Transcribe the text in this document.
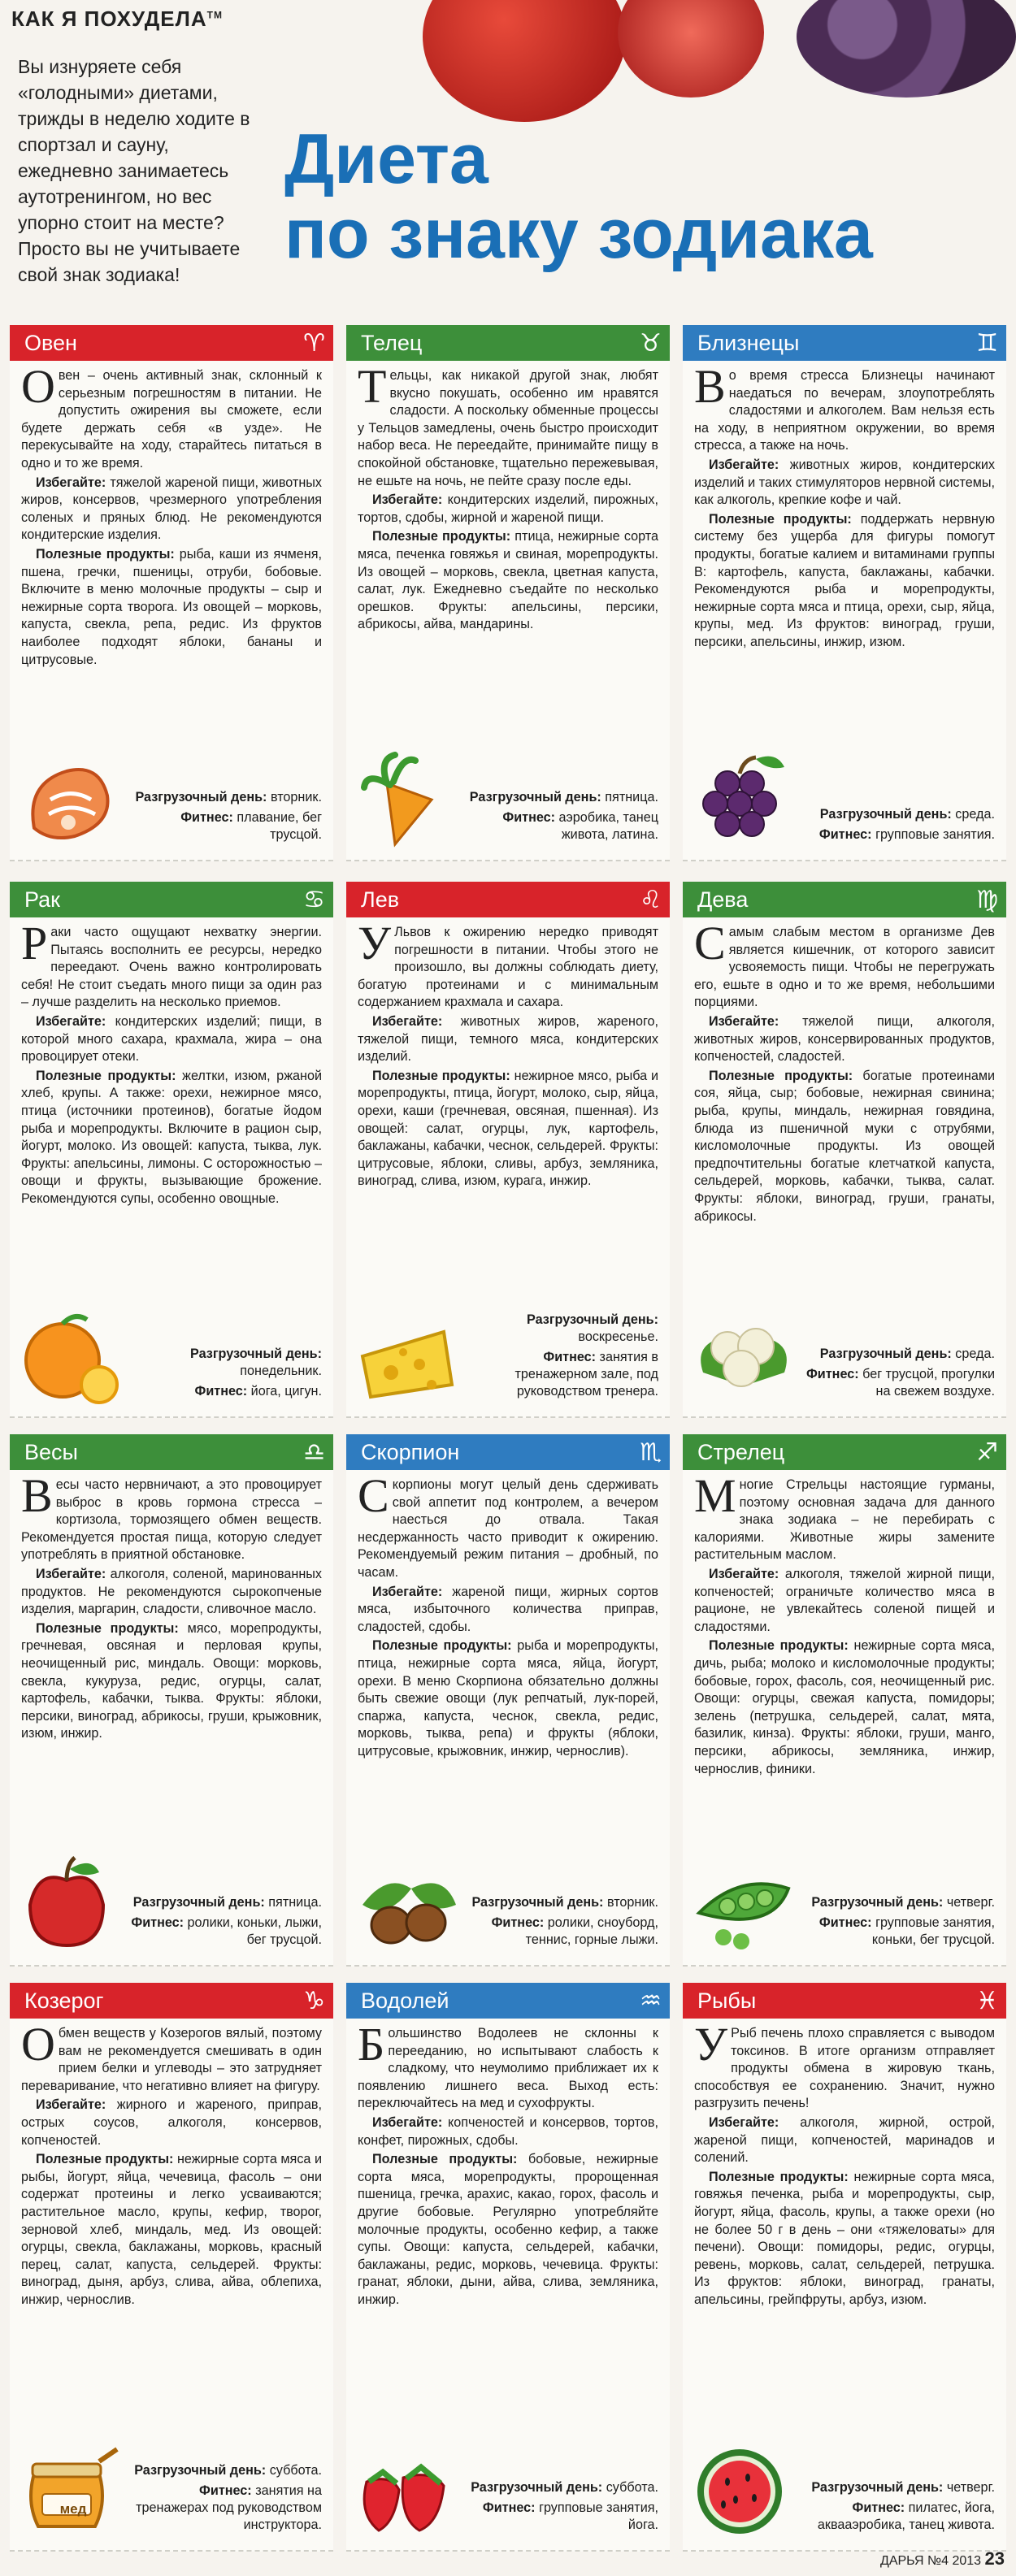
КАК Я ПОХУДЕЛА™
Вы изнуряете себя «голодными» диетами, трижды в неделю ходите в спортзал и сауну, ежедневно занимаетесь аутотренингом, но вес упорно стоит на месте? Просто вы не учитываете свой знак зодиака!
Диета
по знаку зодиака
Овен	♈

Овен – очень активный знак, склонный к серьезным погрешностям в питании. Не допустить ожирения вы сможете, если будете держать себя «в узде». Не перекусывайте на ходу, старайтесь питаться в одно и то же время.

Избегайте: тяжелой жареной пищи, животных жиров, консервов, чрезмерного употребления соленых и пряных блюд. Не рекомендуются кондитерские изделия.

Полезные продукты: рыба, каши из ячменя, пшена, гречки, пшеницы, отруби, бобовые. Включите в меню молочные продукты – сыр и нежирные сорта творога. Из овощей – морковь, капуста, свекла, репа, редис. Из фруктов наиболее подходят яблоки, бананы и цитрусовые.

Разгрузочный день: вторник.
Фитнес: плавание, бег трусцой.
Телец	♉

Тельцы, как никакой другой знак, любят вкусно покушать, особенно им нравятся сладости. А поскольку обменные процессы у Тельцов замедлены, очень быстро происходит набор веса. Не переедайте, принимайте пищу в спокойной обстановке, тщательно пережевывая, не ешьте на ночь, не пейте сразу после еды.

Избегайте: кондитерских изделий, пирожных, тортов, сдобы, жирной и жареной пищи.

Полезные продукты: птица, нежирные сорта мяса, печенка говяжья и свиная, морепродукты. Из овощей – морковь, свекла, цветная капуста, салат, лук. Ежедневно съедайте по несколько орешков. Фрукты: апельсины, персики, абрикосы, айва, мандарины.

Разгрузочный день: пятница.
Фитнес: аэробика, танец живота, латина.
Близнецы	♊

Во время стресса Близнецы начинают наедаться по вечерам, злоупотреблять сладостями и алкоголем. Вам нельзя есть на ходу, в неприятном окружении, во время стресса, а также на ночь.

Избегайте: животных жиров, кондитерских изделий и таких стимуляторов нервной системы, как алкоголь, крепкие кофе и чай.

Полезные продукты: поддержать нервную систему без ущерба для фигуры помогут продукты, богатые калием и витаминами группы В: картофель, капуста, баклажаны, кабачки. Рекомендуются рыба и морепродукты, нежирные сорта мяса и птица, орехи, сыр, яйца, крупы, мед. Из фруктов: виноград, груши, персики, апельсины, инжир, изюм.

Разгрузочный день: среда.
Фитнес: групповые занятия.
Рак	♋

Раки часто ощущают нехватку энергии. Пытаясь восполнить ее ресурсы, нередко переедают. Очень важно контролировать себя! Не стоит съедать много пищи за один раз – лучше разделить на несколько приемов.

Избегайте: кондитерских изделий; пищи, в которой много сахара, крахмала, жира – она провоцирует отеки.

Полезные продукты: желтки, изюм, ржаной хлеб, крупы. А также: орехи, нежирное мясо, птица (источники протеинов), богатые йодом рыба и морепродукты. Включите в рацион сыр, йогурт, молоко. Из овощей: капуста, тыква, лук. Фрукты: апельсины, лимоны. С осторожностью – овощи и фрукты, вызывающие брожение. Рекомендуются супы, особенно овощные.

Разгрузочный день: понедельник.
Фитнес: йога, цигун.
Лев	♌

У Львов к ожирению нередко приводят погрешности в питании. Чтобы этого не произошло, вы должны соблюдать диету, богатую протеинами и с минимальным содержанием крахмала и сахара.

Избегайте: животных жиров, жареного, тяжелой пищи, темного мяса, кондитерских изделий.

Полезные продукты: нежирное мясо, рыба и морепродукты, птица, йогурт, молоко, сыр, яйца, орехи, каши (гречневая, овсяная, пшенная). Из овощей: салат, огурцы, лук, картофель, баклажаны, кабачки, чеснок, сельдерей. Фрукты: цитрусовые, яблоки, сливы, арбуз, земляника, виноград, слива, изюм, курага, инжир.

Разгрузочный день: воскресенье.
Фитнес: занятия в тренажерном зале, под руководством тренера.
Дева	♍

Самым слабым местом в организме Дев является кишечник, от которого зависит усвояемость пищи. Чтобы не перегружать его, ешьте в одно и то же время, небольшими порциями.

Избегайте: тяжелой пищи, алкоголя, животных жиров, консервированных продуктов, копченостей, сладостей.

Полезные продукты: богатые протеинами соя, яйца, сыр; бобовые, нежирная свинина; рыба, крупы, миндаль, нежирная говядина, блюда из пшеничной муки с отрубями, кисломолочные продукты. Из овощей предпочтительны богатые клетчаткой капуста, сельдерей, морковь, кабачки, тыква, салат. Фрукты: яблоки, виноград, груши, гранаты, абрикосы.

Разгрузочный день: среда.
Фитнес: бег трусцой, прогулки на свежем воздухе.
Весы	♎

Весы часто нервничают, а это провоцирует выброс в кровь гормона стресса – кортизола, тормозящего обмен веществ. Рекомендуется простая пища, которую следует употреблять в приятной обстановке.

Избегайте: алкоголя, соленой, маринованных продуктов. Не рекомендуются сырокопченые изделия, маргарин, сладости, сливочное масло.

Полезные продукты: мясо, морепродукты, гречневая, овсяная и перловая крупы, неочищенный рис, миндаль. Овощи: морковь, свекла, кукуруза, редис, огурцы, салат, картофель, кабачки, тыква. Фрукты: яблоки, персики, виноград, абрикосы, груши, крыжовник, изюм, инжир.

Разгрузочный день: пятница.
Фитнес: ролики, коньки, лыжи, бег трусцой.
Скорпион	♏

Скорпионы могут целый день сдерживать свой аппетит под контролем, а вечером наесться до отвала. Такая несдержанность часто приводит к ожирению. Рекомендуемый режим питания – дробный, по часам.

Избегайте: жареной пищи, жирных сортов мяса, избыточного количества приправ, сладостей, сдобы.

Полезные продукты: рыба и морепродукты, птица, нежирные сорта мяса, яйца, йогурт, орехи. В меню Скорпиона обязательно должны быть свежие овощи (лук репчатый, лук-порей, спаржа, капуста, чеснок, свекла, редис, морковь, тыква, репа) и фрукты (яблоки, цитрусовые, крыжовник, инжир, чернослив).

Разгрузочный день: вторник.
Фитнес: ролики, сноуборд, теннис, горные лыжи.
Стрелец	♐

Многие Стрельцы настоящие гурманы, поэтому основная задача для данного знака зодиака – не перебирать с калориями. Животные жиры замените растительным маслом.

Избегайте: алкоголя, тяжелой жирной пищи, копченостей; ограничьте количество мяса в рационе, не увлекайтесь соленой пищей и сладостями.

Полезные продукты: нежирные сорта мяса, дичь, рыба; молоко и кисломолочные продукты; бобовые, горох, фасоль, соя, неочищенный рис. Овощи: огурцы, свежая капуста, помидоры; зелень (петрушка, сельдерей, салат, мята, базилик, кинза). Фрукты: яблоки, груши, манго, персики, абрикосы, земляника, инжир, чернослив, финики.

Разгрузочный день: четверг.
Фитнес: групповые занятия, коньки, бег трусцой.
Козерог	♑

Обмен веществ у Козерогов вялый, поэтому вам не рекомендуется смешивать в один прием белки и углеводы – это затрудняет переваривание, что негативно влияет на фигуру.

Избегайте: жирного и жареного, приправ, острых соусов, алкоголя, консервов, копченостей.

Полезные продукты: нежирные сорта мяса и рыбы, йогурт, яйца, чечевица, фасоль – они содержат протеины и легко усваиваются; растительное масло, крупы, кефир, творог, зерновой хлеб, миндаль, мед. Из овощей: огурцы, свекла, баклажаны, морковь, красный перец, салат, капуста, сельдерей. Фрукты: виноград, дыня, арбуз, слива, айва, облепиха, инжир, чернослив.

Разгрузочный день: суббота.
Фитнес: занятия на тренажерах под руководством инструктора.
мед
Водолей	♒

Большинство Водолеев не склонны к перееданию, но испытывают слабость к сладкому, что неумолимо приближает их к появлению лишнего веса. Выход есть: переключайтесь на мед и сухофрукты.

Избегайте: копченостей и консервов, тортов, конфет, пирожных, сдобы.

Полезные продукты: бобовые, нежирные сорта мяса, морепродукты, пророщенная пшеница, гречка, арахис, какао, горох, фасоль и другие бобовые. Регулярно употребляйте молочные продукты, особенно кефир, а также супы. Овощи: капуста, сельдерей, кабачки, баклажаны, редис, морковь, чечевица. Фрукты: гранат, яблоки, дыни, айва, слива, земляника, инжир.

Разгрузочный день: суббота.
Фитнес: групповые занятия, йога.
Рыбы	♓

У Рыб печень плохо справляется с выводом токсинов. В итоге организм отправляет продукты обмена в жировую ткань, способствуя ее сохранению. Значит, нужно разгрузить печень!

Избегайте: алкоголя, жирной, острой, жареной пищи, копченостей, маринадов и солений.

Полезные продукты: нежирные сорта мяса, говяжья печенка, рыба и морепродукты, сыр, йогурт, яйца, фасоль, крупы, а также орехи (но не более 50 г в день – они «тяжеловаты» для печени). Овощи: помидоры, редис, огурцы, ревень, морковь, салат, сельдерей, петрушка. Из фруктов: яблоки, виноград, гранаты, апельсины, грейпфруты, арбуз, изюм.

Разгрузочный день: четверг.
Фитнес: пилатес, йога, аквааэробика, танец живота.
ДАРЬЯ №4 2013 23
